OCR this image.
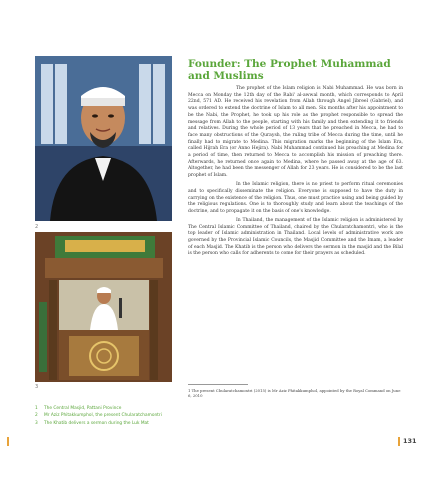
2
3
Founder: The Prophet Muhammad and Muslims

The prophet of the Islam religion is Nabi Muhammad. He was born in Mecca on Monday the 12th day of the Rabi' al-awwal month, which corresponds to April 22nd, 571 AD. He received his revelation from Allah through Angel Jibreel (Gabriel), and was ordered to extend the doctrine of Islam to all men. Six months after his appointment to be the Nabi, the Prophet, he took up his role as the prophet responsible to spread the message from Allah to the people, starting with his family and then extending it to friends and relatives. During the whole period of 13 years that he preached in Mecca, he had to face many obstructions of the Quraysh, the ruling tribe of Mecca during the time, until he finally had to migrate to Medina. This migration marks the beginning of the Islam Era, called Hijrah Era (or Anno Hejira). Nabi Muhammad continued his preaching at Medina for a period of time, then returned to Mecca to accomplish his mission of preaching there. Afterwards, he returned once again to Medina, where he passed away at the age of 63. Altogether, he had been the messenger of Allah for 23 years. He is considered to be the last prophet of Islam.

In the Islamic religion, there is no priest to perform ritual ceremonies and to specifically disseminate the religion. Everyone is supposed to have the duty in carrying on the existence of the religion. Thus, one must practice using and being guided by the religious regulations. One is to thoroughly study and learn about the teachings of the doctrine, and to propagate it on the basis of one's knowledge.

In Thailand, the management of the Islamic religion is administered by The Central Islamic Committee of Thailand, chaired by the Chularatchamontri, who is the top leader of Islamic administration in Thailand. Local levels of administrative work are governed by the Provincial Islamic Councils, the Masjid Committee and the Imam, a leader of each Masjid. The Khatib is the person who delivers the sermon in the masjid and the Bilal is the person who calls for adherents to come for their prayers as scheduled.

1 The present Chularatchamontri (2015) is Mr Aziz Phitakkumphol, appointed by the Royal Command on June 6, 2010
1 The Central Masjid, Pattani Province
2 Mr Aziz Phitakkumphol, the present Chularatchamontri
3 The Khatib delivers a sermon during the Luk Mat
131
